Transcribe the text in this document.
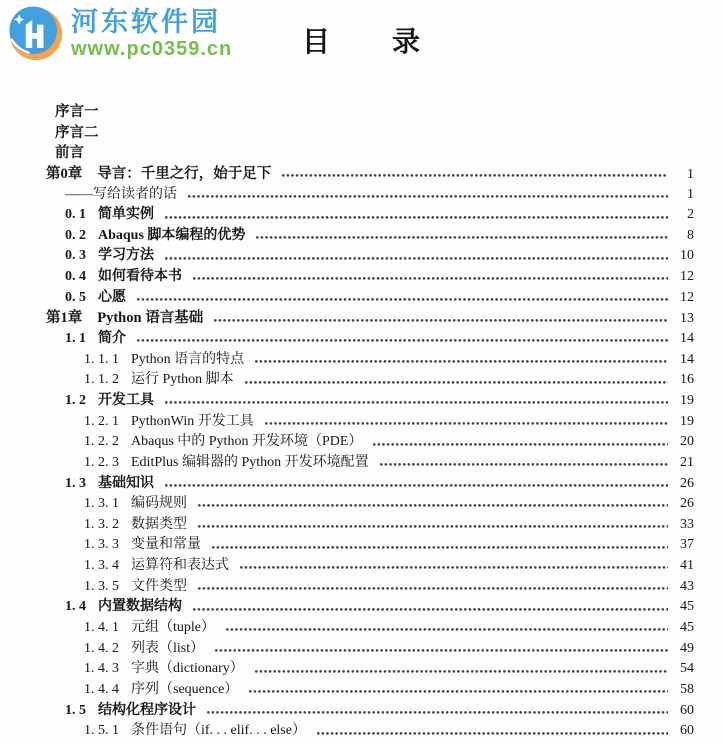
河东软件园
www.pc0359.cn	目　　录
序言一
序言二
前言
第0章 导言：千里之行，始于足下	1
——写给读者的话	1
0. 1 简单实例	2
0. 2 Abaqus 脚本编程的优势	8
0. 3 学习方法	10
0. 4 如何看待本书	12
0. 5 心愿	12
第1章 Python 语言基础	13
1. 1 简介	14
1. 1. 1 Python 语言的特点	14
1. 1. 2 运行 Python 脚本	16
1. 2 开发工具	19
1. 2. 1 PythonWin 开发工具	19
1. 2. 2 Abaqus 中的 Python 开发环境（PDE）	20
1. 2. 3 EditPlus 编辑器的 Python 开发环境配置	21
1. 3 基础知识	26
1. 3. 1 编码规则	26
1. 3. 2 数据类型	33
1. 3. 3 变量和常量	37
1. 3. 4 运算符和表达式	41
1. 3. 5 文件类型	43
1. 4 内置数据结构	45
1. 4. 1 元组（tuple）	45
1. 4. 2 列表（list）	49
1. 4. 3 字典（dictionary）	54
1. 4. 4 序列（sequence）	58
1. 5 结构化程序设计	60
1. 5. 1 条件语句（if. . . elif. . . else）	60
